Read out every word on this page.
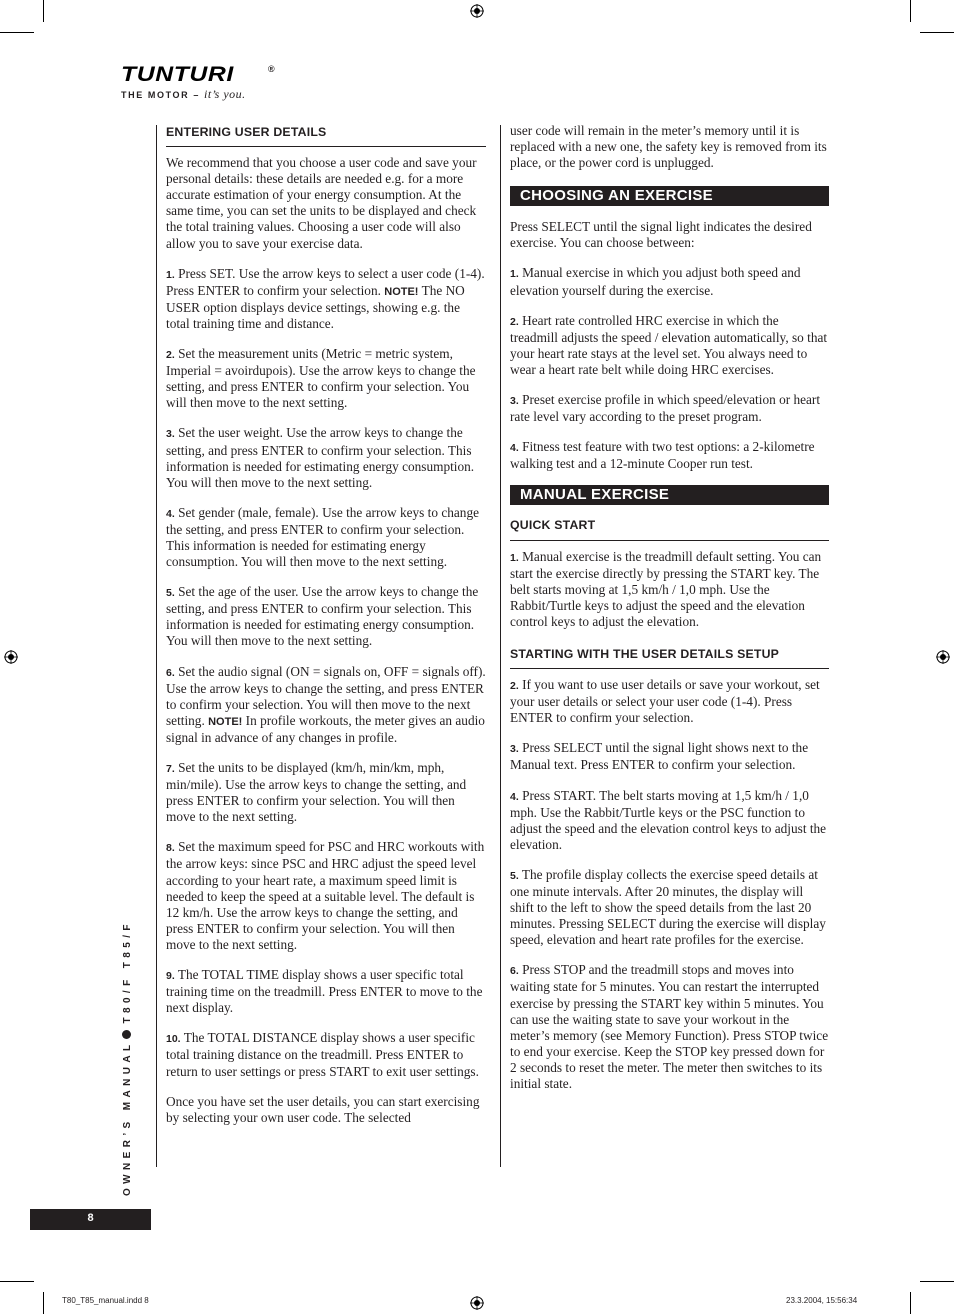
TUNTURI	®
THE MOTOR – it’s you.
ENTERING USER DETAILS

We recommend that you choose a user code and save your personal details: these details are needed e.g. for a more accurate estimation of your energy consumption. At the same time, you can set the units to be displayed and check the total training values. Choosing a user code will also allow you to save your exercise data.

1. Press SET. Use the arrow keys to select a user code (1-4). Press ENTER to confirm your selection. NOTE! The NO USER option displays device settings, showing e.g. the total training time and distance.

2. Set the measurement units (Metric = metric system, Imperial = avoirdupois). Use the arrow keys to change the setting, and press ENTER to confirm your selection. You will then move to the next setting.

3. Set the user weight. Use the arrow keys to change the setting, and press ENTER to confirm your selection. This information is needed for estimating energy consumption. You will then move to the next setting.

4. Set gender (male, female). Use the arrow keys to change the setting, and press ENTER to confirm your selection. This information is needed for estimating energy consumption. You will then move to the next setting.

5. Set the age of the user. Use the arrow keys to change the setting, and press ENTER to confirm your selection. This information is needed for estimating energy consumption. You will then move to the next setting.

6. Set the audio signal (ON = signals on, OFF = signals off). Use the arrow keys to change the setting, and press ENTER to confirm your selection. You will then move to the next setting. NOTE! In profile workouts, the meter gives an audio signal in advance of any changes in profile.

7. Set the units to be displayed (km/h, min/km, mph, min/mile). Use the arrow keys to change the setting, and press ENTER to confirm your selection. You will then move to the next setting.

8. Set the maximum speed for PSC and HRC workouts with the arrow keys: since PSC and HRC adjust the speed level according to your heart rate, a maximum speed limit is needed to keep the speed at a suitable level. The default is 12 km/h. Use the arrow keys to change the setting, and press ENTER to confirm your selection. You will then move to the next setting.

9. The TOTAL TIME display shows a user specific total training time on the treadmill. Press ENTER to move to the next display.

10. The TOTAL DISTANCE display shows a user specific total training distance on the treadmill. Press ENTER to return to user settings or press START to exit user settings.

Once you have set the user details, you can start exercising by selecting your own user code. The selected

user code will remain in the meter’s memory until it is replaced with a new one, the safety key is removed from its place, or the power cord is unplugged.

CHOOSING AN EXERCISE

Press SELECT until the signal light indicates the desired exercise. You can choose between:

1. Manual exercise in which you adjust both speed and elevation yourself during the exercise.

2. Heart rate controlled HRC exercise in which the treadmill adjusts the speed / elevation automatically, so that your heart rate stays at the level set. You always need to wear a heart rate belt while doing HRC exercises.

3. Preset exercise profile in which speed/elevation or heart rate level vary according to the preset program.

4. Fitness test feature with two test options: a 2-kilometre walking test and a 12-minute Cooper run test.

MANUAL EXERCISE
QUICK START

1. Manual exercise is the treadmill default setting. You can start the exercise directly by pressing the START key. The belt starts moving at 1,5 km/h / 1,0 mph. Use the Rabbit/Turtle keys to adjust the speed and the elevation control keys to adjust the elevation.

STARTING WITH THE USER DETAILS SETUP

2. If you want to use user details or save your workout, set your user details or select your user code (1-4). Press ENTER to confirm your selection.

3. Press SELECT until the signal light shows next to the Manual text. Press ENTER to confirm your selection.

4. Press START. The belt starts moving at 1,5 km/h / 1,0 mph. Use the Rabbit/Turtle keys or the PSC function to adjust the speed and the elevation control keys to adjust the elevation.

5. The profile display collects the exercise speed details at one minute intervals. After 20 minutes, the display will shift to the left to show the speed details from the last 20 minutes. Pressing SELECT during the exercise will display speed, elevation and heart rate profiles for the exercise.

6. Press STOP and the treadmill stops and moves into waiting state for 5 minutes. You can restart the interrupted exercise by pressing the START key within 5 minutes. You can use the waiting state to save your workout in the meter’s memory (see Memory Function). Press STOP twice to end your exercise. Keep the STOP key pressed down for 2 seconds to reset the meter. The meter then switches to its initial state.

OWNER’S MANUALT80/F T85/F
8
T80_T85_manual.indd 8	23.3.2004, 15:56:34
